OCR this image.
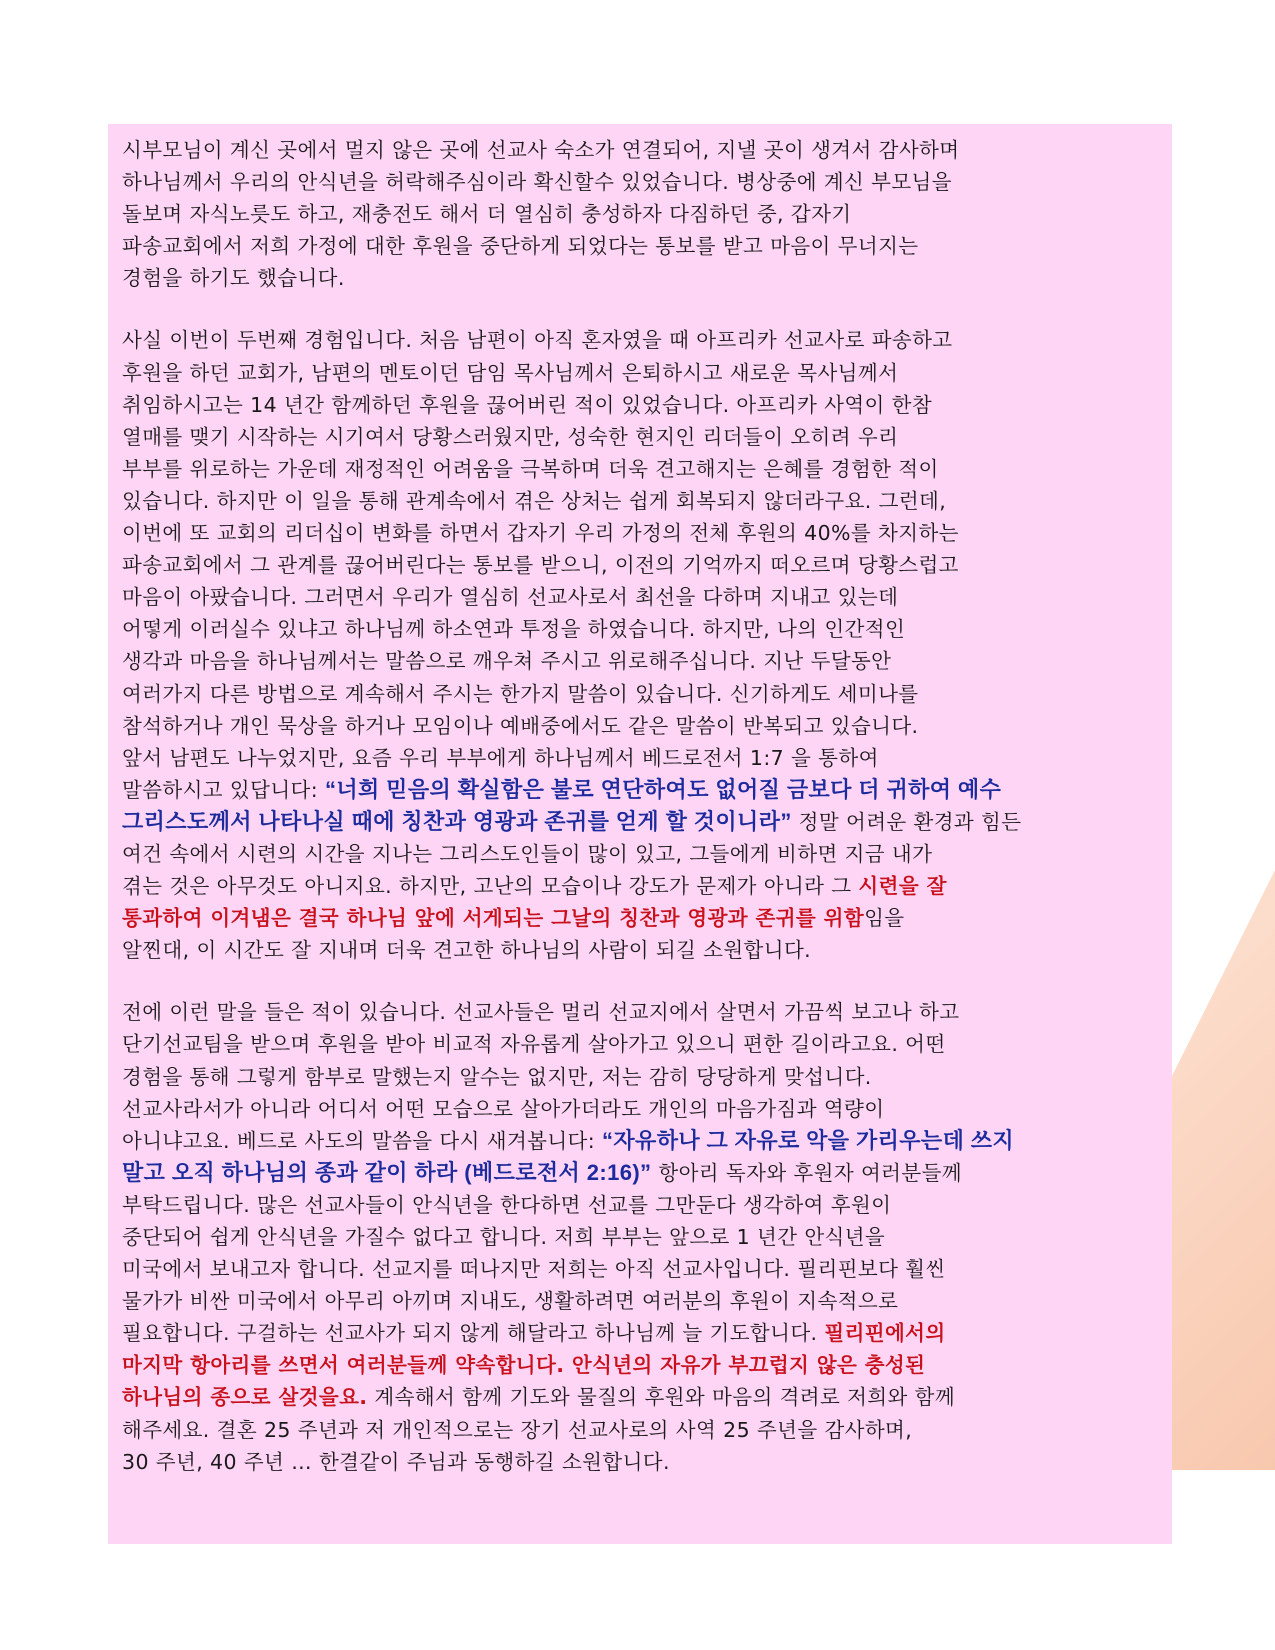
시부모님이 계신 곳에서 멀지 않은 곳에 선교사 숙소가 연결되어, 지낼 곳이 생겨서 감사하며
하나님께서 우리의 안식년을 허락해주심이라 확신할수 있었습니다. 병상중에 계신 부모님을
돌보며 자식노릇도 하고, 재충전도 해서 더 열심히 충성하자 다짐하던 중, 갑자기
파송교회에서 저희 가정에 대한 후원을 중단하게 되었다는 통보를 받고 마음이 무너지는
경험을 하기도 했습니다.
사실 이번이 두번째 경험입니다. 처음 남편이 아직 혼자였을 때 아프리카 선교사로 파송하고
후원을 하던 교회가, 남편의 멘토이던 담임 목사님께서 은퇴하시고 새로운 목사님께서
취임하시고는 14 년간 함께하던 후원을 끊어버린 적이 있었습니다. 아프리카 사역이 한참
열매를 맺기 시작하는 시기여서 당황스러웠지만, 성숙한 현지인 리더들이 오히려 우리
부부를 위로하는 가운데 재정적인 어려움을 극복하며 더욱 견고해지는 은혜를 경험한 적이
있습니다. 하지만 이 일을 통해 관계속에서 겪은 상처는 쉽게 회복되지 않더라구요. 그런데,
이번에 또 교회의 리더십이 변화를 하면서 갑자기 우리 가정의 전체 후원의 40%를 차지하는
파송교회에서 그 관계를 끊어버린다는 통보를 받으니, 이전의 기억까지 떠오르며 당황스럽고
마음이 아팠습니다. 그러면서 우리가 열심히 선교사로서 최선을 다하며 지내고 있는데
어떻게 이러실수 있냐고 하나님께 하소연과 투정을 하였습니다. 하지만, 나의 인간적인
생각과 마음을 하나님께서는 말씀으로 깨우쳐 주시고 위로해주십니다. 지난 두달동안
여러가지 다른 방법으로 계속해서 주시는 한가지 말씀이 있습니다. 신기하게도 세미나를
참석하거나 개인 묵상을 하거나 모임이나 예배중에서도 같은 말씀이 반복되고 있습니다.
앞서 남편도 나누었지만, 요즘 우리 부부에게 하나님께서 베드로전서 1:7 을 통하여
말씀하시고 있답니다: “너희 믿음의 확실함은 불로 연단하여도 없어질 금보다 더 귀하여 예수
그리스도께서 나타나실 때에 칭찬과 영광과 존귀를 얻게 할 것이니라” 정말 어려운 환경과 힘든
여건 속에서 시련의 시간을 지나는 그리스도인들이 많이 있고, 그들에게 비하면 지금 내가
겪는 것은 아무것도 아니지요. 하지만, 고난의 모습이나 강도가 문제가 아니라 그 시련을 잘
통과하여 이겨냄은 결국 하나님 앞에 서게되는 그날의 칭찬과 영광과 존귀를 위함임을
알찐대, 이 시간도 잘 지내며 더욱 견고한 하나님의 사람이 되길 소원합니다.
전에 이런 말을 들은 적이 있습니다. 선교사들은 멀리 선교지에서 살면서 가끔씩 보고나 하고
단기선교팀을 받으며 후원을 받아 비교적 자유롭게 살아가고 있으니 편한 길이라고요. 어떤
경험을 통해 그렇게 함부로 말했는지 알수는 없지만, 저는 감히 당당하게 맞섭니다.
선교사라서가 아니라 어디서 어떤 모습으로 살아가더라도 개인의 마음가짐과 역량이
아니냐고요. 베드로 사도의 말씀을 다시 새겨봅니다: “자유하나 그 자유로 악을 가리우는데 쓰지
말고 오직 하나님의 종과 같이 하라 (베드로전서 2:16)” 항아리 독자와 후원자 여러분들께
부탁드립니다. 많은 선교사들이 안식년을 한다하면 선교를 그만둔다 생각하여 후원이
중단되어 쉽게 안식년을 가질수 없다고 합니다. 저희 부부는 앞으로 1 년간 안식년을
미국에서 보내고자 합니다. 선교지를 떠나지만 저희는 아직 선교사입니다. 필리핀보다 훨씬
물가가 비싼 미국에서 아무리 아끼며 지내도, 생활하려면 여러분의 후원이 지속적으로
필요합니다. 구걸하는 선교사가 되지 않게 해달라고 하나님께 늘 기도합니다. 필리핀에서의
마지막 항아리를 쓰면서 여러분들께 약속합니다. 안식년의 자유가 부끄럽지 않은 충성된
하나님의 종으로 살것을요. 계속해서 함께 기도와 물질의 후원와 마음의 격려로 저희와 함께
해주세요. 결혼 25 주년과 저 개인적으로는 장기 선교사로의 사역 25 주년을 감사하며,
30 주년, 40 주년 … 한결같이 주님과 동행하길 소원합니다.
